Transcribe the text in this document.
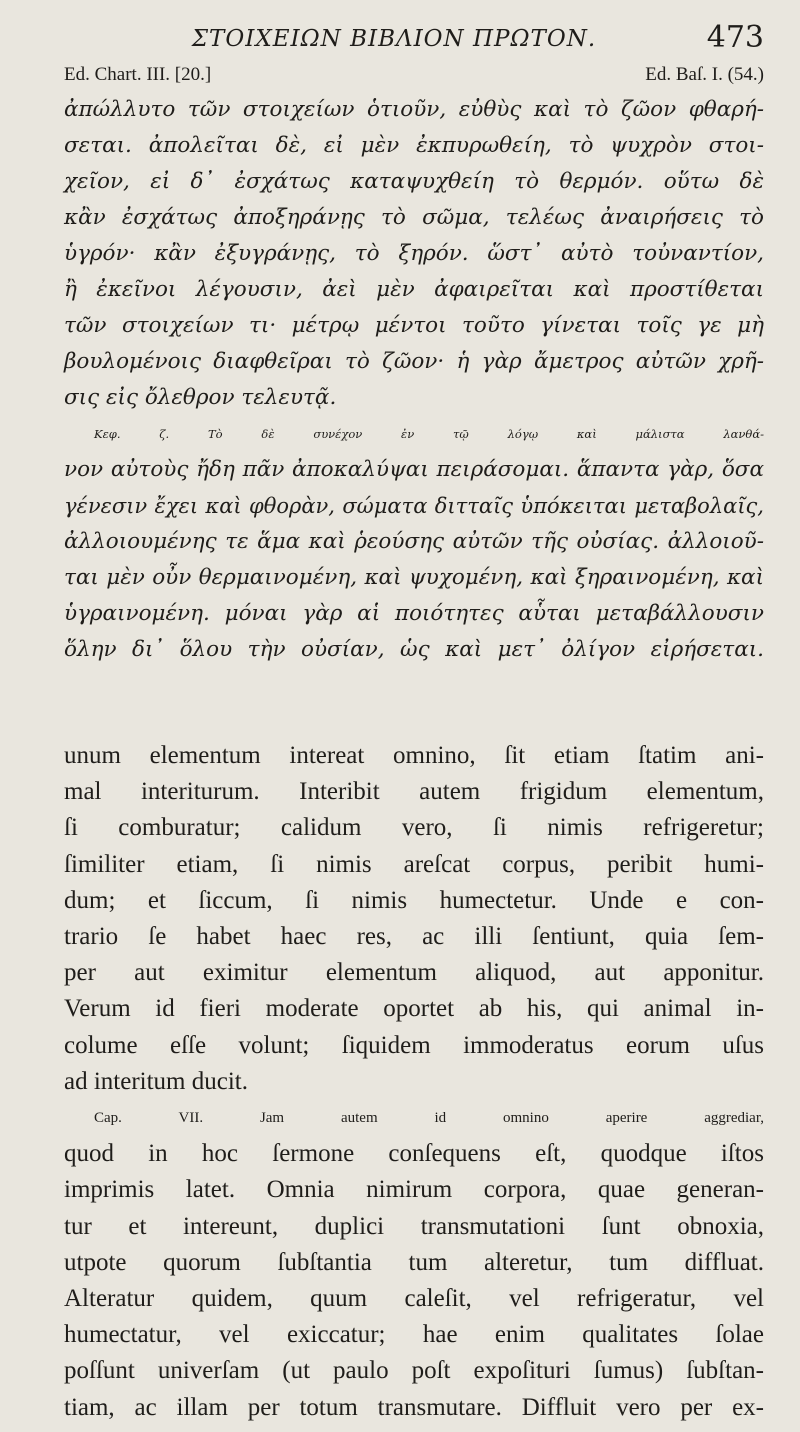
ΣΤΟΙΧΕΙΩΝ ΒΙΒΛΙΟΝ ΠΡΩΤΟΝ.	473
Ed. Chart. III. [20.]	Ed. Baſ. I. (54.)
ἀπώλλυτο τῶν στοιχείων ὁτιοῦν, εὐθὺς καὶ τὸ ζῶον φθαρή-
σεται. ἀπολεῖται δὲ, εἰ μὲν ἐκπυρωθείη, τὸ ψυχρὸν στοι-
χεῖον, εἰ δ᾽ ἐσχάτως καταψυχθείη τὸ θερμόν. οὕτω δὲ
κἂν ἐσχάτως ἀποξηράνῃς τὸ σῶμα, τελέως ἀναιρήσεις τὸ
ὑγρόν· κἂν ἐξυγράνῃς, τὸ ξηρόν. ὥστ᾽ αὐτὸ τοὐναντίον,
ἢ ἐκεῖνοι λέγουσιν, ἀεὶ μὲν ἀφαιρεῖται καὶ προστίθεται
τῶν στοιχείων τι· μέτρῳ μέντοι τοῦτο γίνεται τοῖς γε μὴ
βουλομένοις διαφθεῖραι τὸ ζῶον· ἡ γὰρ ἄμετρος αὐτῶν χρῆ-
σις εἰς ὄλεθρον τελευτᾷ.
Κεφ. ζ. Τὸ δὲ συνέχον ἐν τῷ λόγῳ καὶ μάλιστα λανθά-
νον αὐτοὺς ἤδη πᾶν ἀποκαλύψαι πειράσομαι. ἅπαντα γὰρ, ὅσα
γένεσιν ἔχει καὶ φθορὰν, σώματα διτταῖς ὑπόκειται μεταβολαῖς,
ἀλλοιουμένης τε ἅμα καὶ ῥεούσης αὐτῶν τῆς οὐσίας. ἀλλοιοῦ-
ται μὲν οὖν θερμαινομένη, καὶ ψυχομένη, καὶ ξηραινομένη, καὶ
ὑγραινομένη. μόναι γὰρ αἱ ποιότητες αὗται μεταβάλλουσιν
ὅλην δι᾽ ὅλου τὴν οὐσίαν, ὡς καὶ μετ᾽ ὀλίγον εἰρήσεται.
unum elementum intereat omnino, ſit etiam ſtatim ani-
mal interiturum. Interibit autem frigidum elementum,
ſi comburatur; calidum vero, ſi nimis refrigeretur;
ſimiliter etiam, ſi nimis areſcat corpus, peribit humi-
dum; et ſiccum, ſi nimis humectetur. Unde e con-
trario ſe habet haec res, ac illi ſentiunt, quia ſem-
per aut eximitur elementum aliquod, aut apponitur.
Verum id fieri moderate oportet ab his, qui animal in-
colume eſſe volunt; ſiquidem immoderatus eorum uſus
ad interitum ducit.
Cap. VII. Jam autem id omnino aperire aggrediar,
quod in hoc ſermone conſequens eſt, quodque iſtos
imprimis latet. Omnia nimirum corpora, quae generan-
tur et intereunt, duplici transmutationi ſunt obnoxia,
utpote quorum ſubſtantia tum alteretur, tum diffluat.
Alteratur quidem, quum caleſit, vel refrigeratur, vel
humectatur, vel exiccatur; hae enim qualitates ſolae
poſſunt univerſam (ut paulo poſt expoſituri ſumus) ſubſtan-
tiam, ac illam per totum transmutare. Diffluit vero per ex-
